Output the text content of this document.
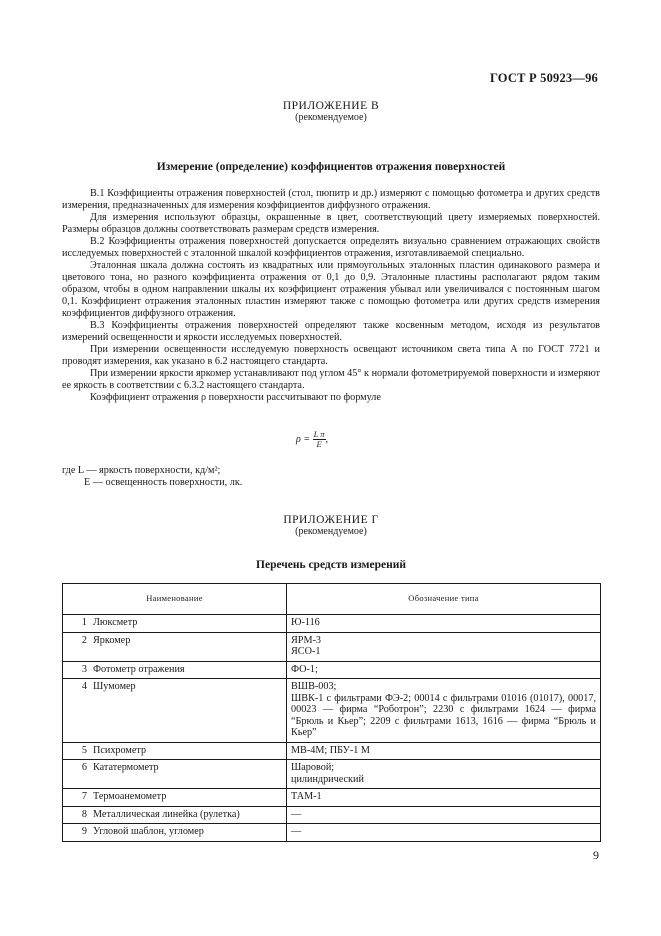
ГОСТ Р 50923—96
ПРИЛОЖЕНИЕ В
(рекомендуемое)
Измерение (определение) коэффициентов отражения поверхностей

В.1 Коэффициенты отражения поверхностей (стол, пюпитр и др.) измеряют с помощью фотометра и других средств измерения, предназначенных для измерения коэффициентов диффузного отражения.

Для измерения используют образцы, окрашенные в цвет, соответствующий цвету измеряемых поверхностей. Размеры образцов должны соответствовать размерам средств измерения.

В.2 Коэффициенты отражения поверхностей допускается определять визуально сравнением отражающих свойств исследуемых поверхностей с эталонной шкалой коэффициентов отражения, изготавливаемой специально.

Эталонная шкала должна состоять из квадратных или прямоугольных эталонных пластин одинакового размера и цветового тона, но разного коэффициента отражения от 0,1 до 0,9. Эталонные пластины располагают рядом таким образом, чтобы в одном направлении шкалы их коэффициент отражения убывал или увеличивался с постоянным шагом 0,1. Коэффициент отражения эталонных пластин измеряют также с помощью фотометра или других средств измерения коэффициентов диффузного отражения.

В.3 Коэффициенты отражения поверхностей определяют также косвенным методом, исходя из результатов измерений освещенности и яркости исследуемых поверхностей.

При измерении освещенности исследуемую поверхность освещают источником света типа А по ГОСТ 7721 и проводят измерения, как указано в 6.2 настоящего стандарта.

При измерении яркости яркомер устанавливают под углом 45° к нормали фотометрируемой поверхности и измеряют ее яркость в соответствии с 6.3.2 настоящего стандарта.

Коэффициент отражения ρ поверхности рассчитывают по формуле

$\rho = \frac{\text{L π}}{E}$ ,
где L — яркость поверхности, кд/м²;
E — освещенность поверхности, лк.
ПРИЛОЖЕНИЕ Г
(рекомендуемое)
Перечень средств измерений
Наименование	Обозначение типа
1 Люксметр	Ю-116
2 Яркомер	ЯРМ-3
ЯСО-1
3 Фотометр отражения	ФО-1;
4 Шумомер	ВШВ-003;
ШВК-1 с фильтрами ФЭ-2; 00014 с фильтрами 01016 (01017), 00017, 00023 — фирма “Роботрон”; 2230 с фильтрами 1624 — фирма “Брюль и Кьер”; 2209 с фильтрами 1613, 1616 — фирма “Брюль и Кьер”
5 Психрометр	МВ-4М; ПБУ-1 М
6 Кататермометр	Шаровой;
цилиндрический
7 Термоанемометр	ТАМ-1
8 Металлическая линейка (рулетка)	—
9 Угловой шаблон, угломер	—
9
